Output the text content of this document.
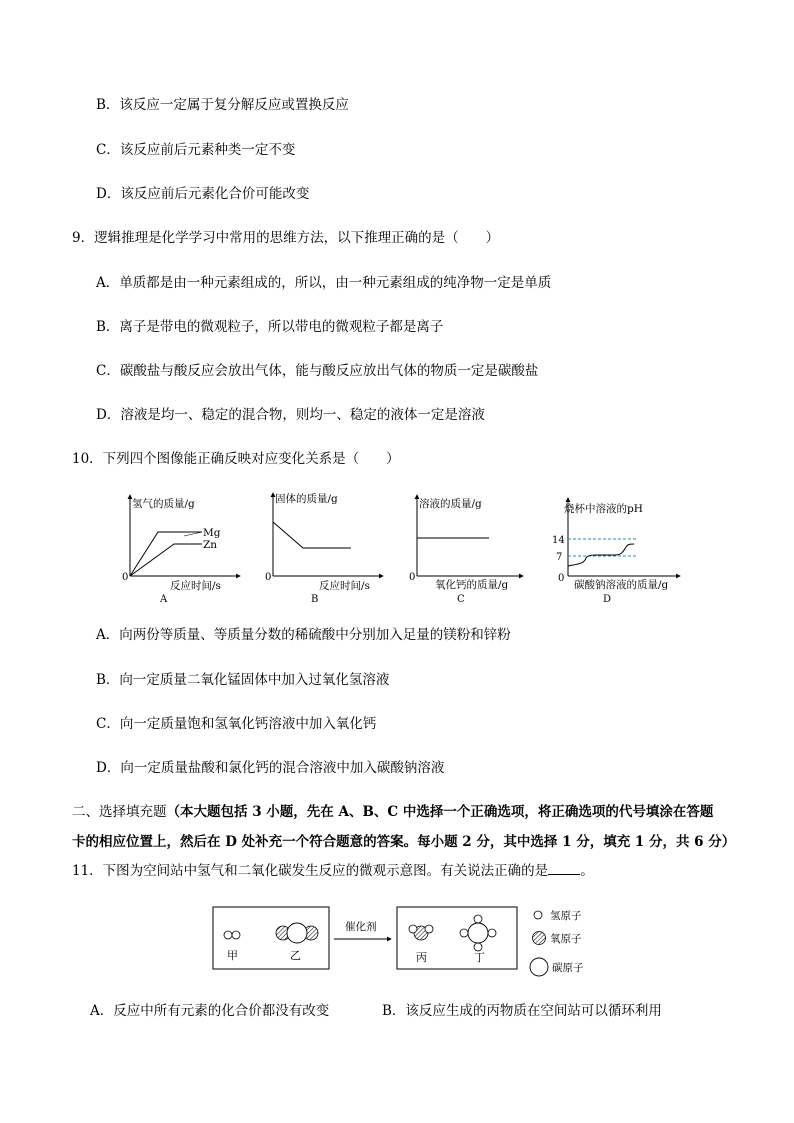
B．该反应一定属于复分解反应或置换反应
C．该反应前后元素种类一定不变
D．该反应前后元素化合价可能改变
9．逻辑推理是化学学习中常用的思维方法，以下推理正确的是（　　）
A．单质都是由一种元素组成的，所以，由一种元素组成的纯净物一定是单质
B．离子是带电的微观粒子，所以带电的微观粒子都是离子
C．碳酸盐与酸反应会放出气体，能与酸反应放出气体的物质一定是碳酸盐
D．溶液是均一、稳定的混合物，则均一、稳定的液体一定是溶液
10．下列四个图像能正确反映对应变化关系是（　　）
氢气的质量/g
0
反应时间/s
A
Mg
Zn
固体的质量/g
0
反应时间/s
B
溶液的质量/g
0
氧化钙的质量/g
C
烧杯中溶液的pH
0
14
7
碳酸钠溶液的质量/g
D
A．向两份等质量、等质量分数的稀硫酸中分别加入足量的镁粉和锌粉
B．向一定质量二氧化锰固体中加入过氧化氢溶液
C．向一定质量饱和氢氧化钙溶液中加入氧化钙
D．向一定质量盐酸和氯化钙的混合溶液中加入碳酸钠溶液
二、选择填充题（本大题包括 3 小题，先在 A、B、C 中选择一个正确选项，将正确选项的代号填涂在答题
卡的相应位置上，然后在 D 处补充一个符合题意的答案。每小题 2 分，其中选择 1 分，填充 1 分，共 6 分）
11．下图为空间站中氢气和二氧化碳发生反应的微观示意图。有关说法正确的是 。
甲	乙
催化剂
丙	丁
氢原子
氧原子
碳原子
A．反应中所有元素的化合价都没有改变	B．该反应生成的丙物质在空间站可以循环利用
